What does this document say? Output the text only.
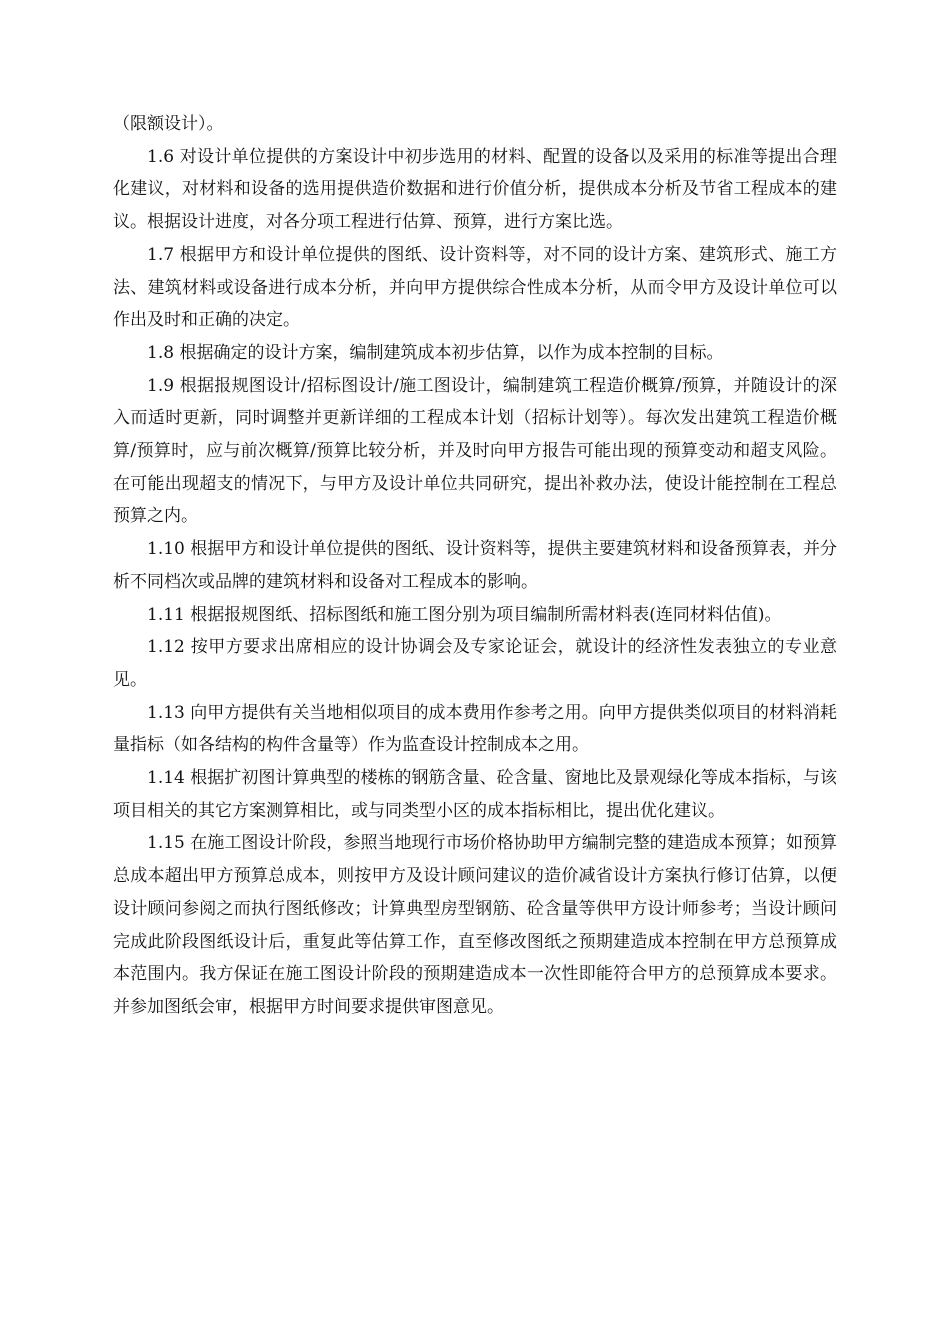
（限额设计）。

1.6 对设计单位提供的方案设计中初步选用的材料、配置的设备以及采用的标准等提出合理化建议，对材料和设备的选用提供造价数据和进行价值分析，提供成本分析及节省工程成本的建议。根据设计进度，对各分项工程进行估算、预算，进行方案比选。

1.7 根据甲方和设计单位提供的图纸、设计资料等，对不同的设计方案、建筑形式、施工方法、建筑材料或设备进行成本分析，并向甲方提供综合性成本分析，从而令甲方及设计单位可以作出及时和正确的决定。

1.8 根据确定的设计方案，编制建筑成本初步估算，以作为成本控制的目标。

1.9 根据报规图设计/招标图设计/施工图设计，编制建筑工程造价概算/预算，并随设计的深入而适时更新，同时调整并更新详细的工程成本计划（招标计划等）。每次发出建筑工程造价概算/预算时，应与前次概算/预算比较分析，并及时向甲方报告可能出现的预算变动和超支风险。在可能出现超支的情况下，与甲方及设计单位共同研究，提出补救办法，使设计能控制在工程总预算之内。

1.10 根据甲方和设计单位提供的图纸、设计资料等，提供主要建筑材料和设备预算表，并分析不同档次或品牌的建筑材料和设备对工程成本的影响。

1.11 根据报规图纸、招标图纸和施工图分别为项目编制所需材料表(连同材料估值)。

1.12 按甲方要求出席相应的设计协调会及专家论证会，就设计的经济性发表独立的专业意见。

1.13 向甲方提供有关当地相似项目的成本费用作参考之用。向甲方提供类似项目的材料消耗量指标（如各结构的构件含量等）作为监查设计控制成本之用。

1.14 根据扩初图计算典型的楼栋的钢筋含量、砼含量、窗地比及景观绿化等成本指标，与该项目相关的其它方案测算相比，或与同类型小区的成本指标相比，提出优化建议。

1.15 在施工图设计阶段，参照当地现行市场价格协助甲方编制完整的建造成本预算；如预算总成本超出甲方预算总成本，则按甲方及设计顾问建议的造价减省设计方案执行修订估算，以便设计顾问参阅之而执行图纸修改；计算典型房型钢筋、砼含量等供甲方设计师参考；当设计顾问完成此阶段图纸设计后，重复此等估算工作，直至修改图纸之预期建造成本控制在甲方总预算成本范围内。我方保证在施工图设计阶段的预期建造成本一次性即能符合甲方的总预算成本要求。并参加图纸会审，根据甲方时间要求提供审图意见。
